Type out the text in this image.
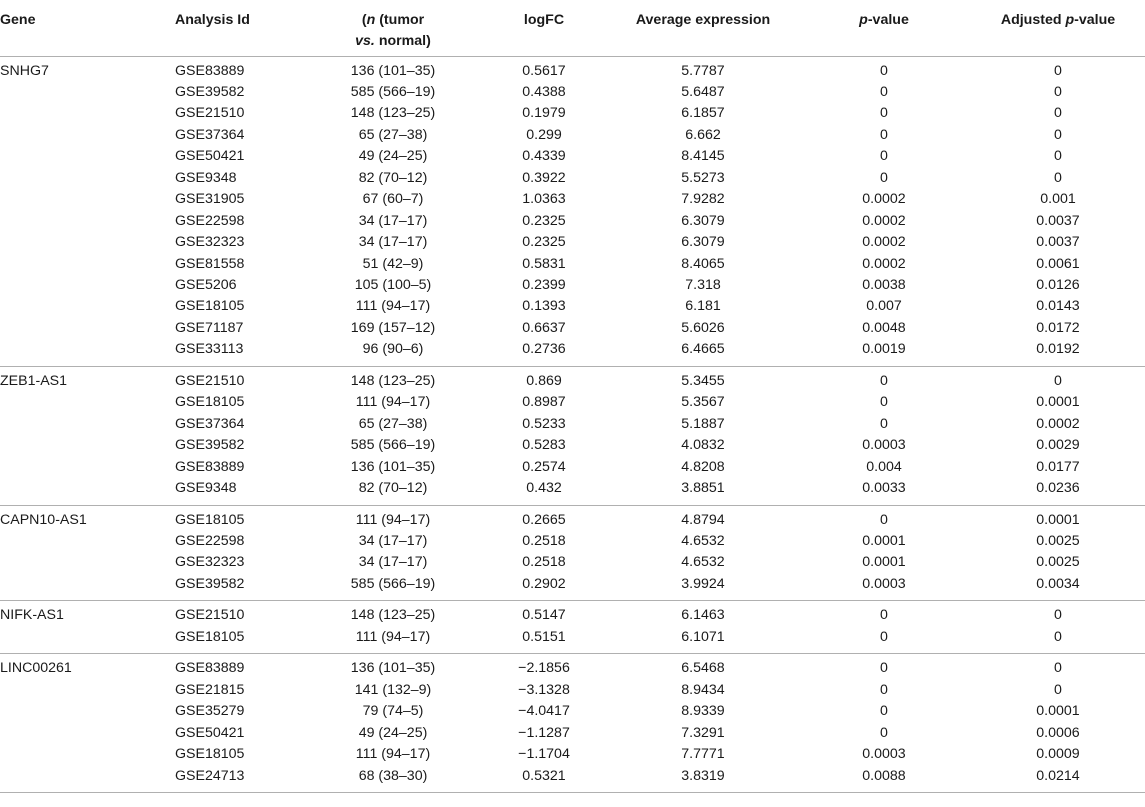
Gene	Analysis Id	(n (tumor
vs. normal)	logFC	Average expression	p-value	Adjusted p-value
SNHG7	GSE83889	136 (101–35)	0.5617	5.7787	0	0
	GSE39582	585 (566–19)	0.4388	5.6487	0	0
	GSE21510	148 (123–25)	0.1979	6.1857	0	0
	GSE37364	65 (27–38)	0.299	6.662	0	0
	GSE50421	49 (24–25)	0.4339	8.4145	0	0
	GSE9348	82 (70–12)	0.3922	5.5273	0	0
	GSE31905	67 (60–7)	1.0363	7.9282	0.0002	0.001
	GSE22598	34 (17–17)	0.2325	6.3079	0.0002	0.0037
	GSE32323	34 (17–17)	0.2325	6.3079	0.0002	0.0037
	GSE81558	51 (42–9)	0.5831	8.4065	0.0002	0.0061
	GSE5206	105 (100–5)	0.2399	7.318	0.0038	0.0126
	GSE18105	111 (94–17)	0.1393	6.181	0.007	0.0143
	GSE71187	169 (157–12)	0.6637	5.6026	0.0048	0.0172
	GSE33113	96 (90–6)	0.2736	6.4665	0.0019	0.0192
ZEB1-AS1	GSE21510	148 (123–25)	0.869	5.3455	0	0
	GSE18105	111 (94–17)	0.8987	5.3567	0	0.0001
	GSE37364	65 (27–38)	0.5233	5.1887	0	0.0002
	GSE39582	585 (566–19)	0.5283	4.0832	0.0003	0.0029
	GSE83889	136 (101–35)	0.2574	4.8208	0.004	0.0177
	GSE9348	82 (70–12)	0.432	3.8851	0.0033	0.0236
CAPN10-AS1	GSE18105	111 (94–17)	0.2665	4.8794	0	0.0001
	GSE22598	34 (17–17)	0.2518	4.6532	0.0001	0.0025
	GSE32323	34 (17–17)	0.2518	4.6532	0.0001	0.0025
	GSE39582	585 (566–19)	0.2902	3.9924	0.0003	0.0034
NIFK-AS1	GSE21510	148 (123–25)	0.5147	6.1463	0	0
	GSE18105	111 (94–17)	0.5151	6.1071	0	0
LINC00261	GSE83889	136 (101–35)	−2.1856	6.5468	0	0
	GSE21815	141 (132–9)	−3.1328	8.9434	0	0
	GSE35279	79 (74–5)	−4.0417	8.9339	0	0.0001
	GSE50421	49 (24–25)	−1.1287	7.3291	0	0.0006
	GSE18105	111 (94–17)	−1.1704	7.7771	0.0003	0.0009
	GSE24713	68 (38–30)	0.5321	3.8319	0.0088	0.0214
